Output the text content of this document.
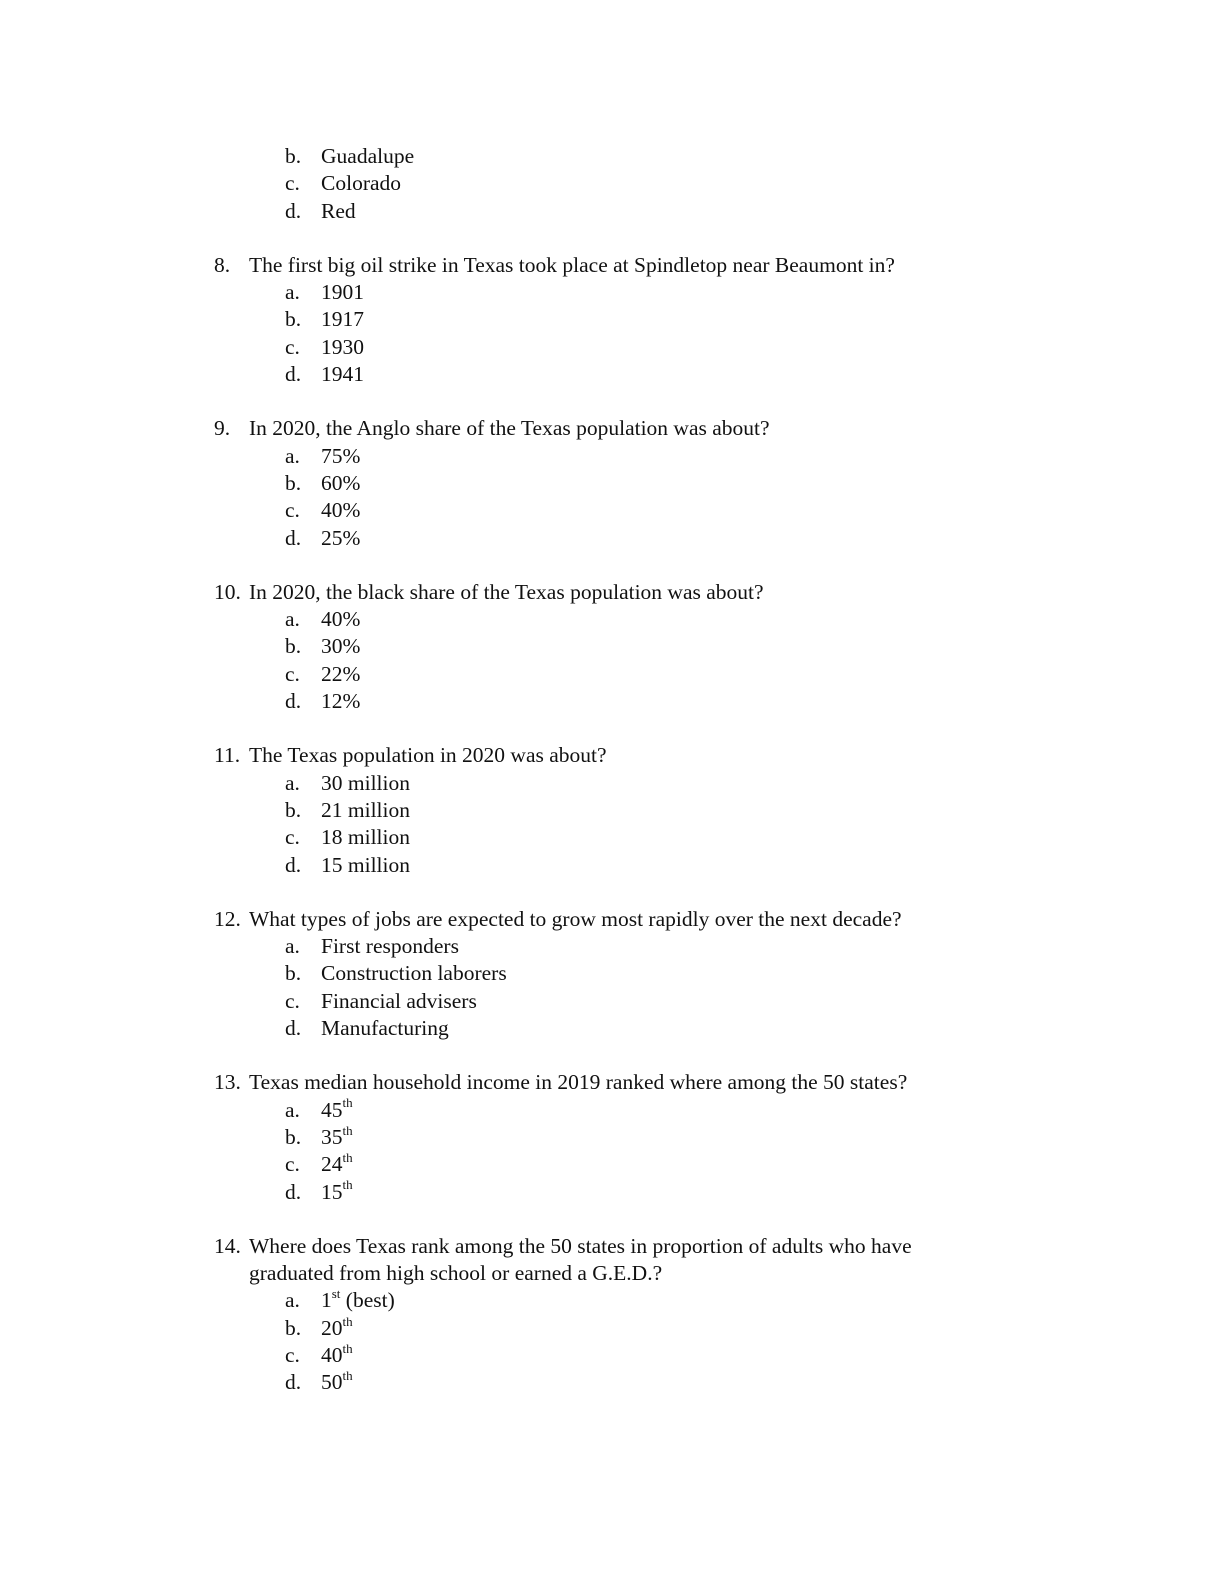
b. Guadalupe
c. Colorado
d. Red
8. The first big oil strike in Texas took place at Spindletop near Beaumont in?
a. 1901
b. 1917
c. 1930
d. 1941
9. In 2020, the Anglo share of the Texas population was about?
a. 75%
b. 60%
c. 40%
d. 25%
10. In 2020, the black share of the Texas population was about?
a. 40%
b. 30%
c. 22%
d. 12%
11. The Texas population in 2020 was about?
a. 30 million
b. 21 million
c. 18 million
d. 15 million
12. What types of jobs are expected to grow most rapidly over the next decade?
a. First responders
b. Construction laborers
c. Financial advisers
d. Manufacturing
13. Texas median household income in 2019 ranked where among the 50 states?
a. 45th
b. 35th
c. 24th
d. 15th
14. Where does Texas rank among the 50 states in proportion of adults who have
graduated from high school or earned a G.E.D.?
a. 1st (best)
b. 20th
c. 40th
d. 50th
